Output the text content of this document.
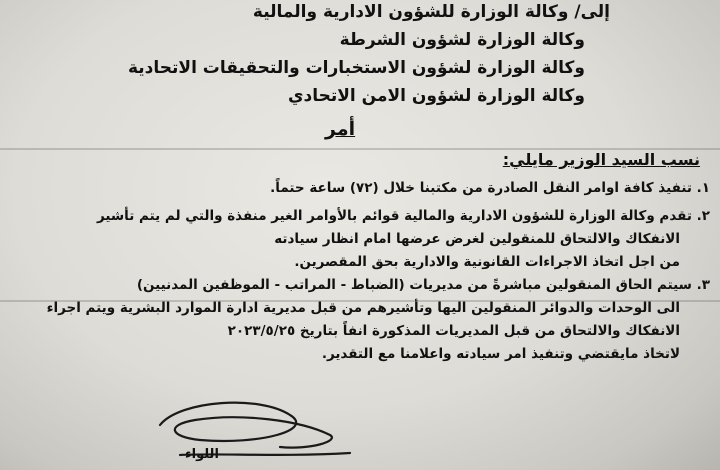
إلى/ وكالة الوزارة للشؤون الادارية والمالية
وكالة الوزارة لشؤون الشرطة
وكالة الوزارة لشؤون الاستخبارات والتحقيقات الاتحادية
وكالة الوزارة لشؤون الامن الاتحادي
أمر
نسب السيد الوزير مايلي:
١. تنفيذ كافة اوامر النقل الصادرة من مكتبنا خلال (٧٢) ساعة حتماً.
٢. تقدم وكالة الوزارة للشؤون الادارية والمالية قوائم بالأوامر الغير منفذة والتي لم يتم تأشير
الانفكاك والالتحاق للمنقولين لغرض عرضها امام انظار سيادته
من اجل اتخاذ الاجراءات القانونية والادارية بحق المقصرين.
٣. سيتم الحاق المنقولين مباشرةً من مديريات (الضباط - المراتب - الموظفين المدنيين)
الى الوحدات والدوائر المنقولين اليها وتأشيرهم من قبل مديرية ادارة الموارد البشرية ويتم اجراء
الانفكاك والالتحاق من قبل المديريات المذكورة انفاً بتاريخ ٢٠٢٣/٥/٢٥
لاتخاذ مايقتضي وتنفيذ امر سيادته واعلامنا مع التقدير.
اللواء
